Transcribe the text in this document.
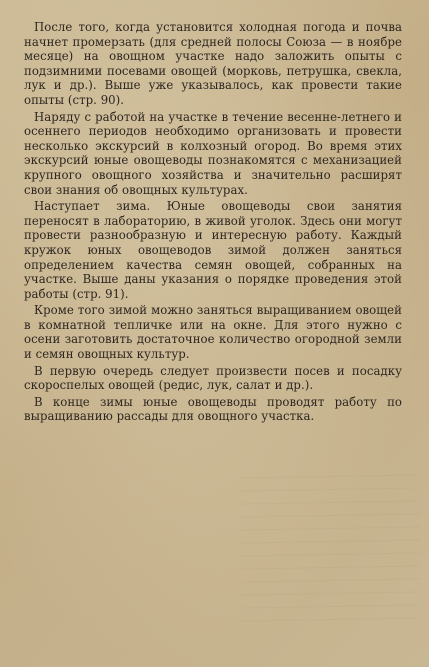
После того, когда установится холодная погода и почва начнет промерзать (для средней полосы Союза — в ноябре месяце) на овощном участке надо заложить опыты с подзимними посевами овощей (морковь, петрушка, свекла, лук и др.). Выше уже указывалось, как провести такие опыты (стр. 90).

Наряду с работой на участке в течение весенне-летнего и осеннего периодов необходимо организовать и провести несколько экскурсий в колхозный огород. Во время этих экскурсий юные овощеводы познакомятся с механизацией крупного овощного хозяйства и значительно расширят свои знания об овощных культурах.

Наступает зима. Юные овощеводы свои занятия переносят в лабораторию, в живой уголок. Здесь они могут провести разнообразную и интересную работу. Каждый кружок юных овощеводов зимой должен заняться определением качества семян овощей, собранных на участке. Выше даны указания о порядке проведения этой работы (стр. 91).

Кроме того зимой можно заняться выращиванием овощей в комнатной тепличке или на окне. Для этого нужно с осени заготовить достаточное количество огородной земли и семян овощных культур.

В первую очередь следует произвести посев и посадку скороспелых овощей (редис, лук, салат и др.).

В конце зимы юные овощеводы проводят работу по выращиванию рассады для овощного участка.
